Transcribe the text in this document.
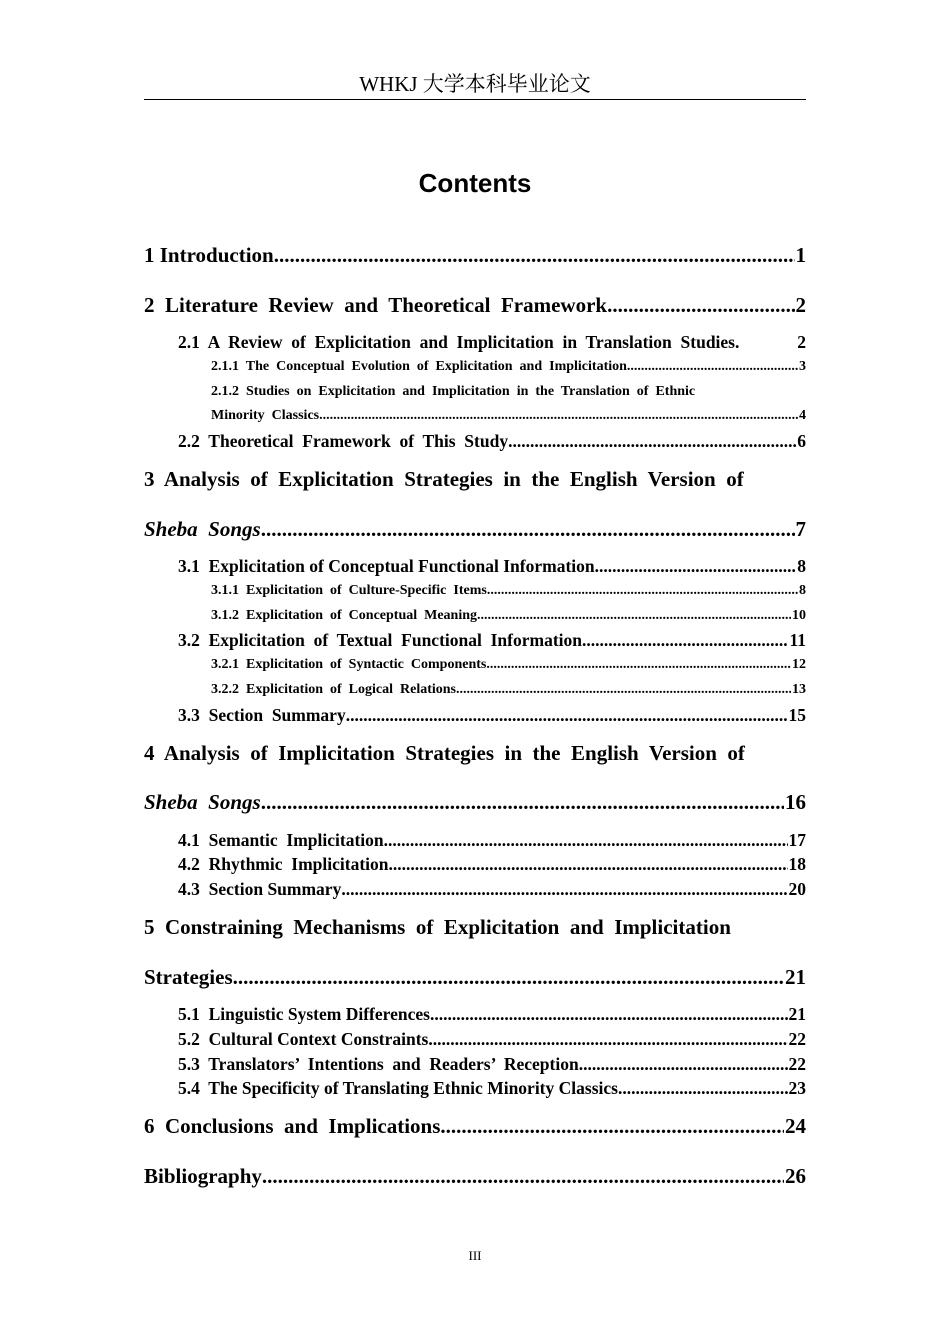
WHKJ 大学本科毕业论文
Contents
1 Introduction .....	1
2  Literature  Review  and  Theoretical  Framework .....	2
2.1  A  Review  of  Explicitation  and  Implicitation  in  Translation  Studies.	2
2.1.1  The  Conceptual  Evolution  of  Explicitation  and  Implicitation .....	3
2.1.2  Studies  on  Explicitation  and  Implicitation  in  the  Translation  of  Ethnic
Minority  Classics .....	4
2.2  Theoretical  Framework  of  This  Study .....	6
3  Analysis  of  Explicitation  Strategies  in  the  English  Version  of
Sheba  Songs .....	7
3.1  Explicitation of Conceptual Functional Information .....	8
3.1.1  Explicitation  of  Culture-Specific  Items .....	8
3.1.2  Explicitation  of  Conceptual  Meaning .....	10
3.2  Explicitation  of  Textual  Functional  Information .....	11
3.2.1  Explicitation  of  Syntactic  Components .....	12
3.2.2  Explicitation  of  Logical  Relations .....	13
3.3  Section  Summary .....	15
4  Analysis  of  Implicitation  Strategies  in  the  English  Version  of
Sheba  Songs .....	16
4.1  Semantic  Implicitation .....	17
4.2  Rhythmic  Implicitation .....	18
4.3  Section Summary .....	20
5  Constraining  Mechanisms  of  Explicitation  and  Implicitation
Strategies .....	21
5.1  Linguistic System Differences .....	21
5.2  Cultural Context Constraints .....	22
5.3  Translators’  Intentions  and  Readers’  Reception .....	22
5.4  The Specificity of Translating Ethnic Minority Classics .....	23
6  Conclusions  and  Implications .....	24
Bibliography .....	26
III
